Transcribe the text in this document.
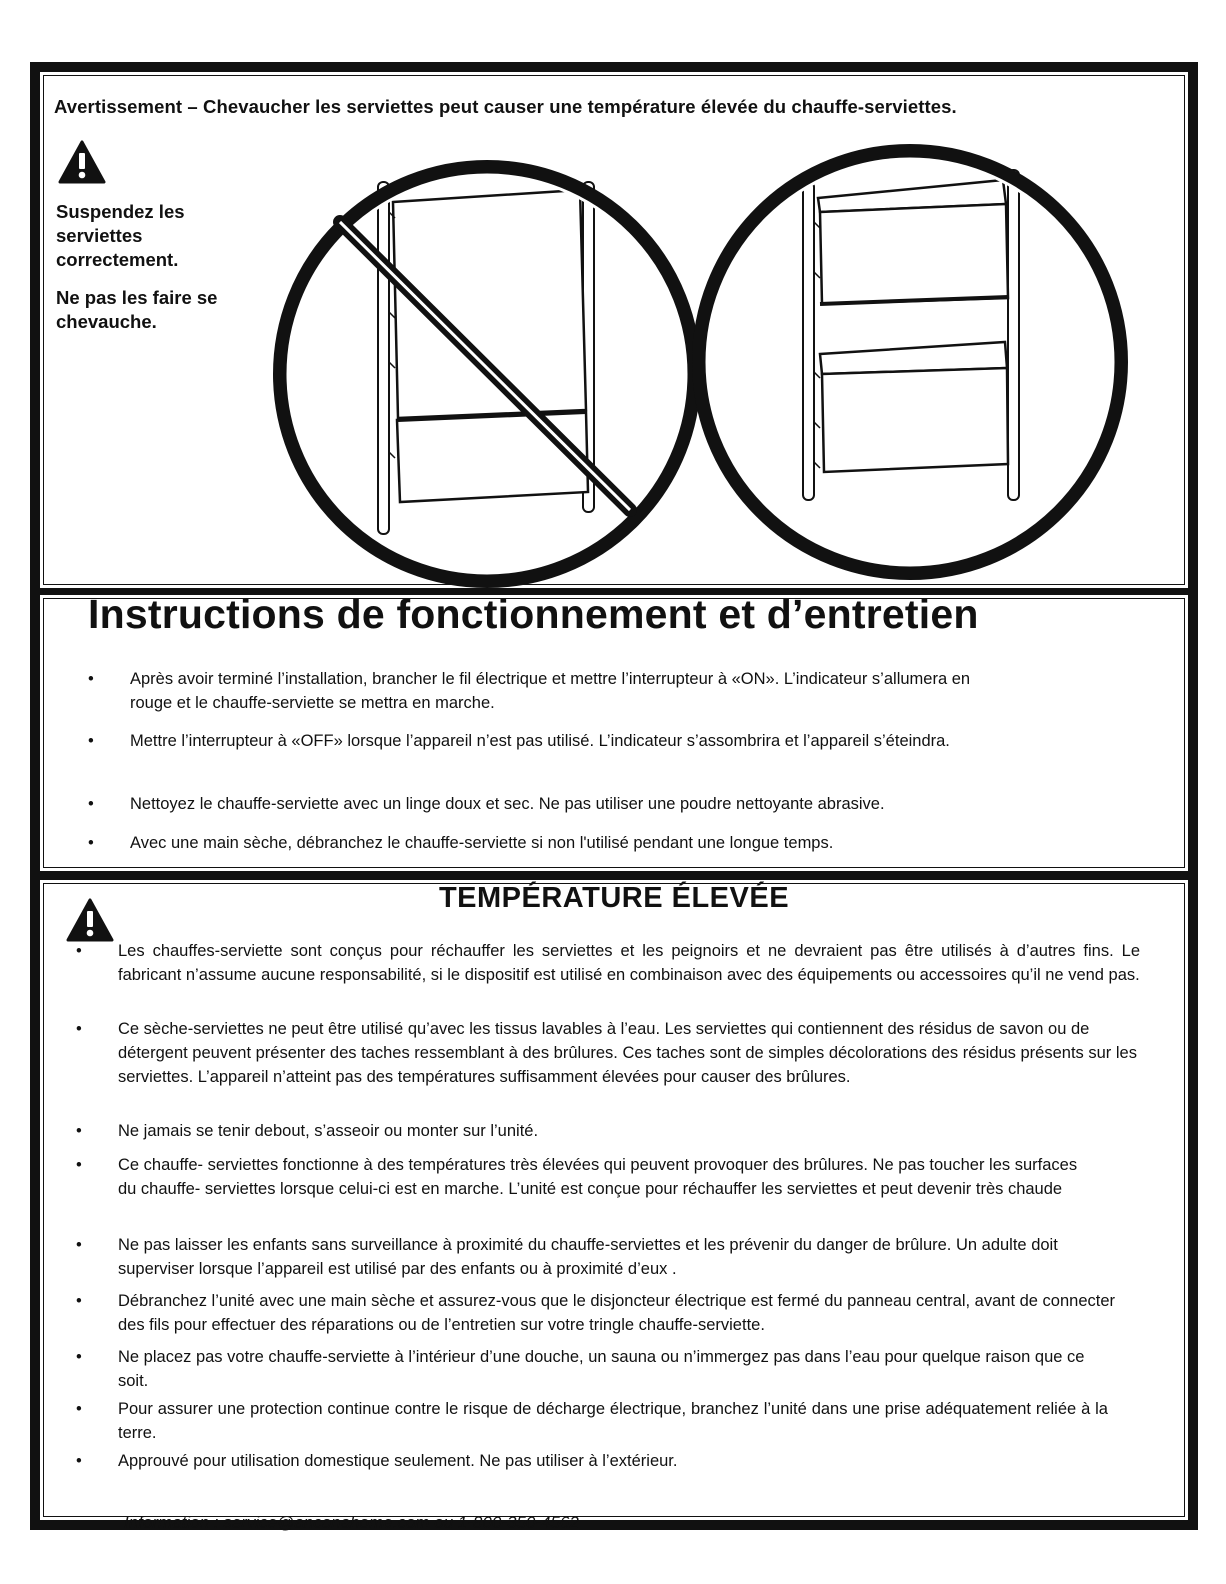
Avertissement – Chevaucher les serviettes peut causer une température élevée du chauffe-serviettes.
Suspendez les serviettes correctement.
Ne pas les faire se chevauche.
Instructions de fonctionnement et d’entretien
• Après avoir terminé l’installation, brancher le fil électrique et mettre l’interrupteur à «ON». L’indicateur s’allumera en rouge et le chauffe-serviette se mettra en marche.
• Mettre l’interrupteur à «OFF» lorsque l’appareil n’est pas utilisé. L’indicateur s’assombrira et l’appareil s’éteindra.
• Nettoyez le chauffe-serviette avec un linge doux et sec. Ne pas utiliser une poudre nettoyante abrasive.
• Avec une main sèche, débranchez le chauffe-serviette si non l'utilisé pendant une longue temps.
TEMPÉRATURE ÉLEVÉE
• Les chauffes-serviette sont conçus pour réchauffer les serviettes et les peignoirs et ne devraient pas être utilisés à d’autres fins. Le fabricant n’assume aucune responsabilité, si le dispositif est utilisé en combinaison avec des équipements ou accessoires qu’il ne vend pas.
• Ce sèche-serviettes ne peut être utilisé qu’avec les tissus lavables à l’eau. Les serviettes qui contiennent des résidus de savon ou de détergent peuvent présenter des taches ressemblant à des brûlures. Ces taches sont de simples décolorations des résidus présents sur les serviettes. L’appareil n’atteint pas des températures suffisamment élevées pour causer des brûlures.
• Ne jamais se tenir debout, s’asseoir ou monter sur l’unité.
• Ce chauffe- serviettes fonctionne à des températures très élevées qui peuvent provoquer des brûlures. Ne pas toucher les surfaces du chauffe- serviettes lorsque celui-ci est en marche. L’unité est conçue pour réchauffer les serviettes et peut devenir très chaude
• Ne pas laisser les enfants sans surveillance à proximité du chauffe-serviettes et les prévenir du danger de brûlure. Un adulte doit superviser lorsque l’appareil est utilisé par des enfants ou à proximité d’eux .
• Débranchez l’unité avec une main sèche et assurez-vous que le disjoncteur électrique est fermé du panneau central, avant de connecter des fils pour effectuer des réparations ou de l’entretien sur votre tringle chauffe-serviette.
• Ne placez pas votre chauffe-serviette à l’intérieur d’une douche, un sauna ou n’immergez pas dans l’eau pour quelque raison que ce soit.
• Pour assurer une protection continue contre le risque de décharge électrique, branchez l’unité dans une prise adéquatement reliée à la terre.
• Approuvé pour utilisation domestique seulement. Ne pas utiliser à l’extérieur.
Information : service@anconahome.com ou 1-800-350-4562
